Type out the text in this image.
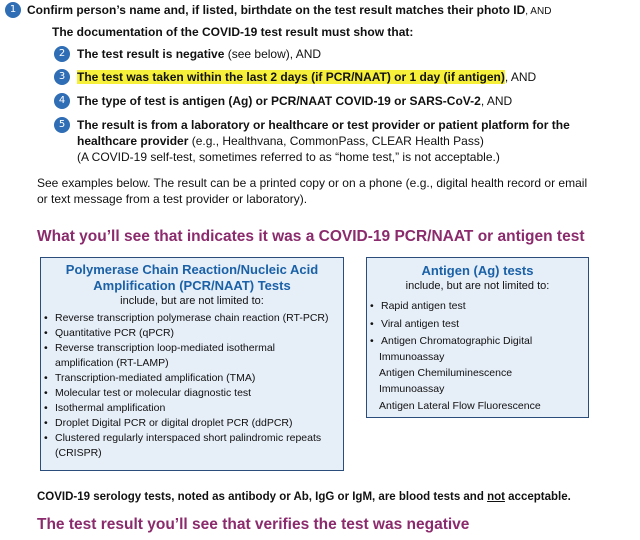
1 Confirm person’s name and, if listed, birthdate on the test result matches their photo ID, AND
The documentation of the COVID-19 test result must show that:
2 The test result is negative (see below), AND
3 The test was taken within the last 2 days (if PCR/NAAT) or 1 day (if antigen), AND
4 The type of test is antigen (Ag) or PCR/NAAT COVID-19 or SARS-CoV-2, AND
5 The result is from a laboratory or healthcare or test provider or patient platform for the
healthcare provider (e.g., Healthvana, CommonPass, CLEAR Health Pass)
(A COVID-19 self-test, sometimes referred to as “home test,” is not acceptable.)
See examples below. The result can be a printed copy or on a phone (e.g., digital health record or email
or text message from a test provider or laboratory).
What you’ll see that indicates it was a COVID-19 PCR/NAAT or antigen test
Polymerase Chain Reaction/Nucleic Acid
Amplification (PCR/NAAT) Tests
include, but are not limited to:
• Reverse transcription polymerase chain reaction (RT-PCR)
• Quantitative PCR (qPCR)
• Reverse transcription loop-mediated isothermal
amplification (RT-LAMP)
• Transcription-mediated amplification (TMA)
• Molecular test or molecular diagnostic test
• Isothermal amplification
• Droplet Digital PCR or digital droplet PCR (ddPCR)
• Clustered regularly interspaced short palindromic repeats
(CRISPR)
Antigen (Ag) tests
include, but are not limited to:
• Rapid antigen test
• Viral antigen test
• Antigen Chromatographic Digital
Immunoassay
Antigen Chemiluminescence
Immunoassay
Antigen Lateral Flow Fluorescence
COVID-19 serology tests, noted as antibody or Ab, IgG or IgM, are blood tests and not acceptable.
The test result you’ll see that verifies the test was negative
